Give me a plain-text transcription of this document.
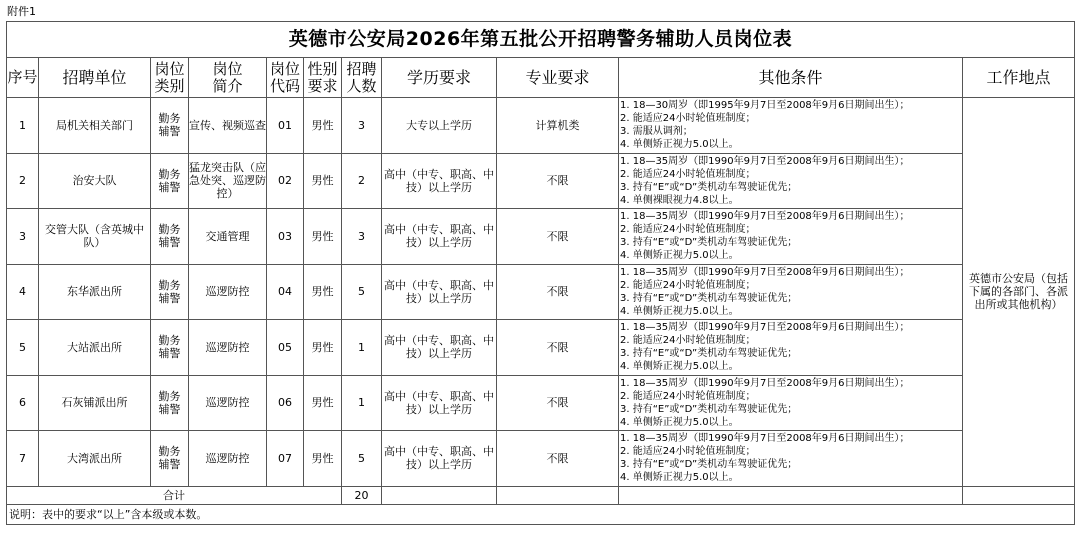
附件1
英德市公安局2026年第五批公开招聘警务辅助人员岗位表										
序号	招聘单位	岗位类别	岗位简介	岗位代码	性别要求	招聘人数	学历要求	专业要求	其他条件	工作地点
1	局机关相关部门	勤务辅警	宣传、视频巡查	01	男性	3	大专以上学历	计算机类	1. 18—30周岁（即1995年9月7日至2008年9月6日期间出生）；
2. 能适应24小时轮值班制度；
3. 需服从调剂；
4. 单侧矫正视力5.0以上。	英德市公安局（包括下属的各部门、各派出所或其他机构）
2	治安大队	勤务辅警	猛龙突击队（应急处突、巡逻防控）	02	男性	2	高中（中专、职高、中技）以上学历	不限	1. 18—35周岁（即1990年9月7日至2008年9月6日期间出生）；
2. 能适应24小时轮值班制度；
3. 持有“E”或“D”类机动车驾驶证优先；
4. 单侧裸眼视力4.8以上。	

3	交管大队（含英城中队）	勤务辅警	交通管理	03	男性	3	高中（中专、职高、中技）以上学历	不限	1. 18—35周岁（即1990年9月7日至2008年9月6日期间出生）；
2. 能适应24小时轮值班制度；
3. 持有“E”或“D”类机动车驾驶证优先；
4. 单侧矫正视力5.0以上。	

4	东华派出所	勤务辅警	巡逻防控	04	男性	5	高中（中专、职高、中技）以上学历	不限	1. 18—35周岁（即1990年9月7日至2008年9月6日期间出生）；
2. 能适应24小时轮值班制度；
3. 持有“E”或“D”类机动车驾驶证优先；
4. 单侧矫正视力5.0以上。	

5	大站派出所	勤务辅警	巡逻防控	05	男性	1	高中（中专、职高、中技）以上学历	不限	1. 18—35周岁（即1990年9月7日至2008年9月6日期间出生）；
2. 能适应24小时轮值班制度；
3. 持有“E”或“D”类机动车驾驶证优先；
4. 单侧矫正视力5.0以上。	

6	石灰铺派出所	勤务辅警	巡逻防控	06	男性	1	高中（中专、职高、中技）以上学历	不限	1. 18—35周岁（即1990年9月7日至2008年9月6日期间出生）；
2. 能适应24小时轮值班制度；
3. 持有“E”或“D”类机动车驾驶证优先；
4. 单侧矫正视力5.0以上。	

7	大湾派出所	勤务辅警	巡逻防控	07	男性	5	高中（中专、职高、中技）以上学历	不限	1. 18—35周岁（即1990年9月7日至2008年9月6日期间出生）；
2. 能适应24小时轮值班制度；
3. 持有“E”或“D”类机动车驾驶证优先；
4. 单侧矫正视力5.0以上。	

合计						20				
说明：表中的要求“以上”含本级或本数。										
